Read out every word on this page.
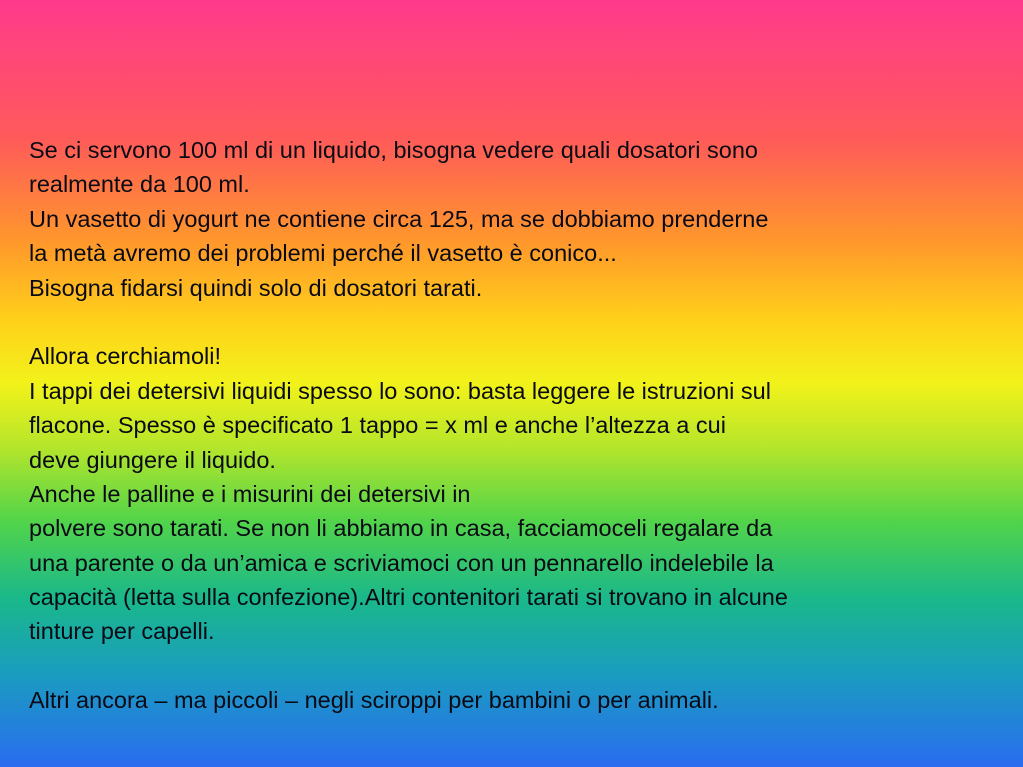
Se ci servono 100 ml di un liquido, bisogna vedere quali dosatori sono
realmente da 100 ml.
Un vasetto di yogurt ne contiene circa 125, ma se dobbiamo prenderne
la metà avremo dei problemi perché il vasetto è conico...
Bisogna fidarsi quindi solo di dosatori tarati.
Allora cerchiamoli!
I tappi dei detersivi liquidi spesso lo sono: basta leggere le istruzioni sul
flacone. Spesso è specificato 1 tappo = x ml e anche l’altezza a cui
deve giungere il liquido.
Anche le palline e i misurini dei detersivi in
polvere sono tarati. Se non li abbiamo in casa, facciamoceli regalare da
una parente o da un’amica e scriviamoci con un pennarello indelebile la
capacità (letta sulla confezione).Altri contenitori tarati si trovano in alcune
tinture per capelli.
Altri ancora – ma piccoli – negli sciroppi per bambini o per animali.
